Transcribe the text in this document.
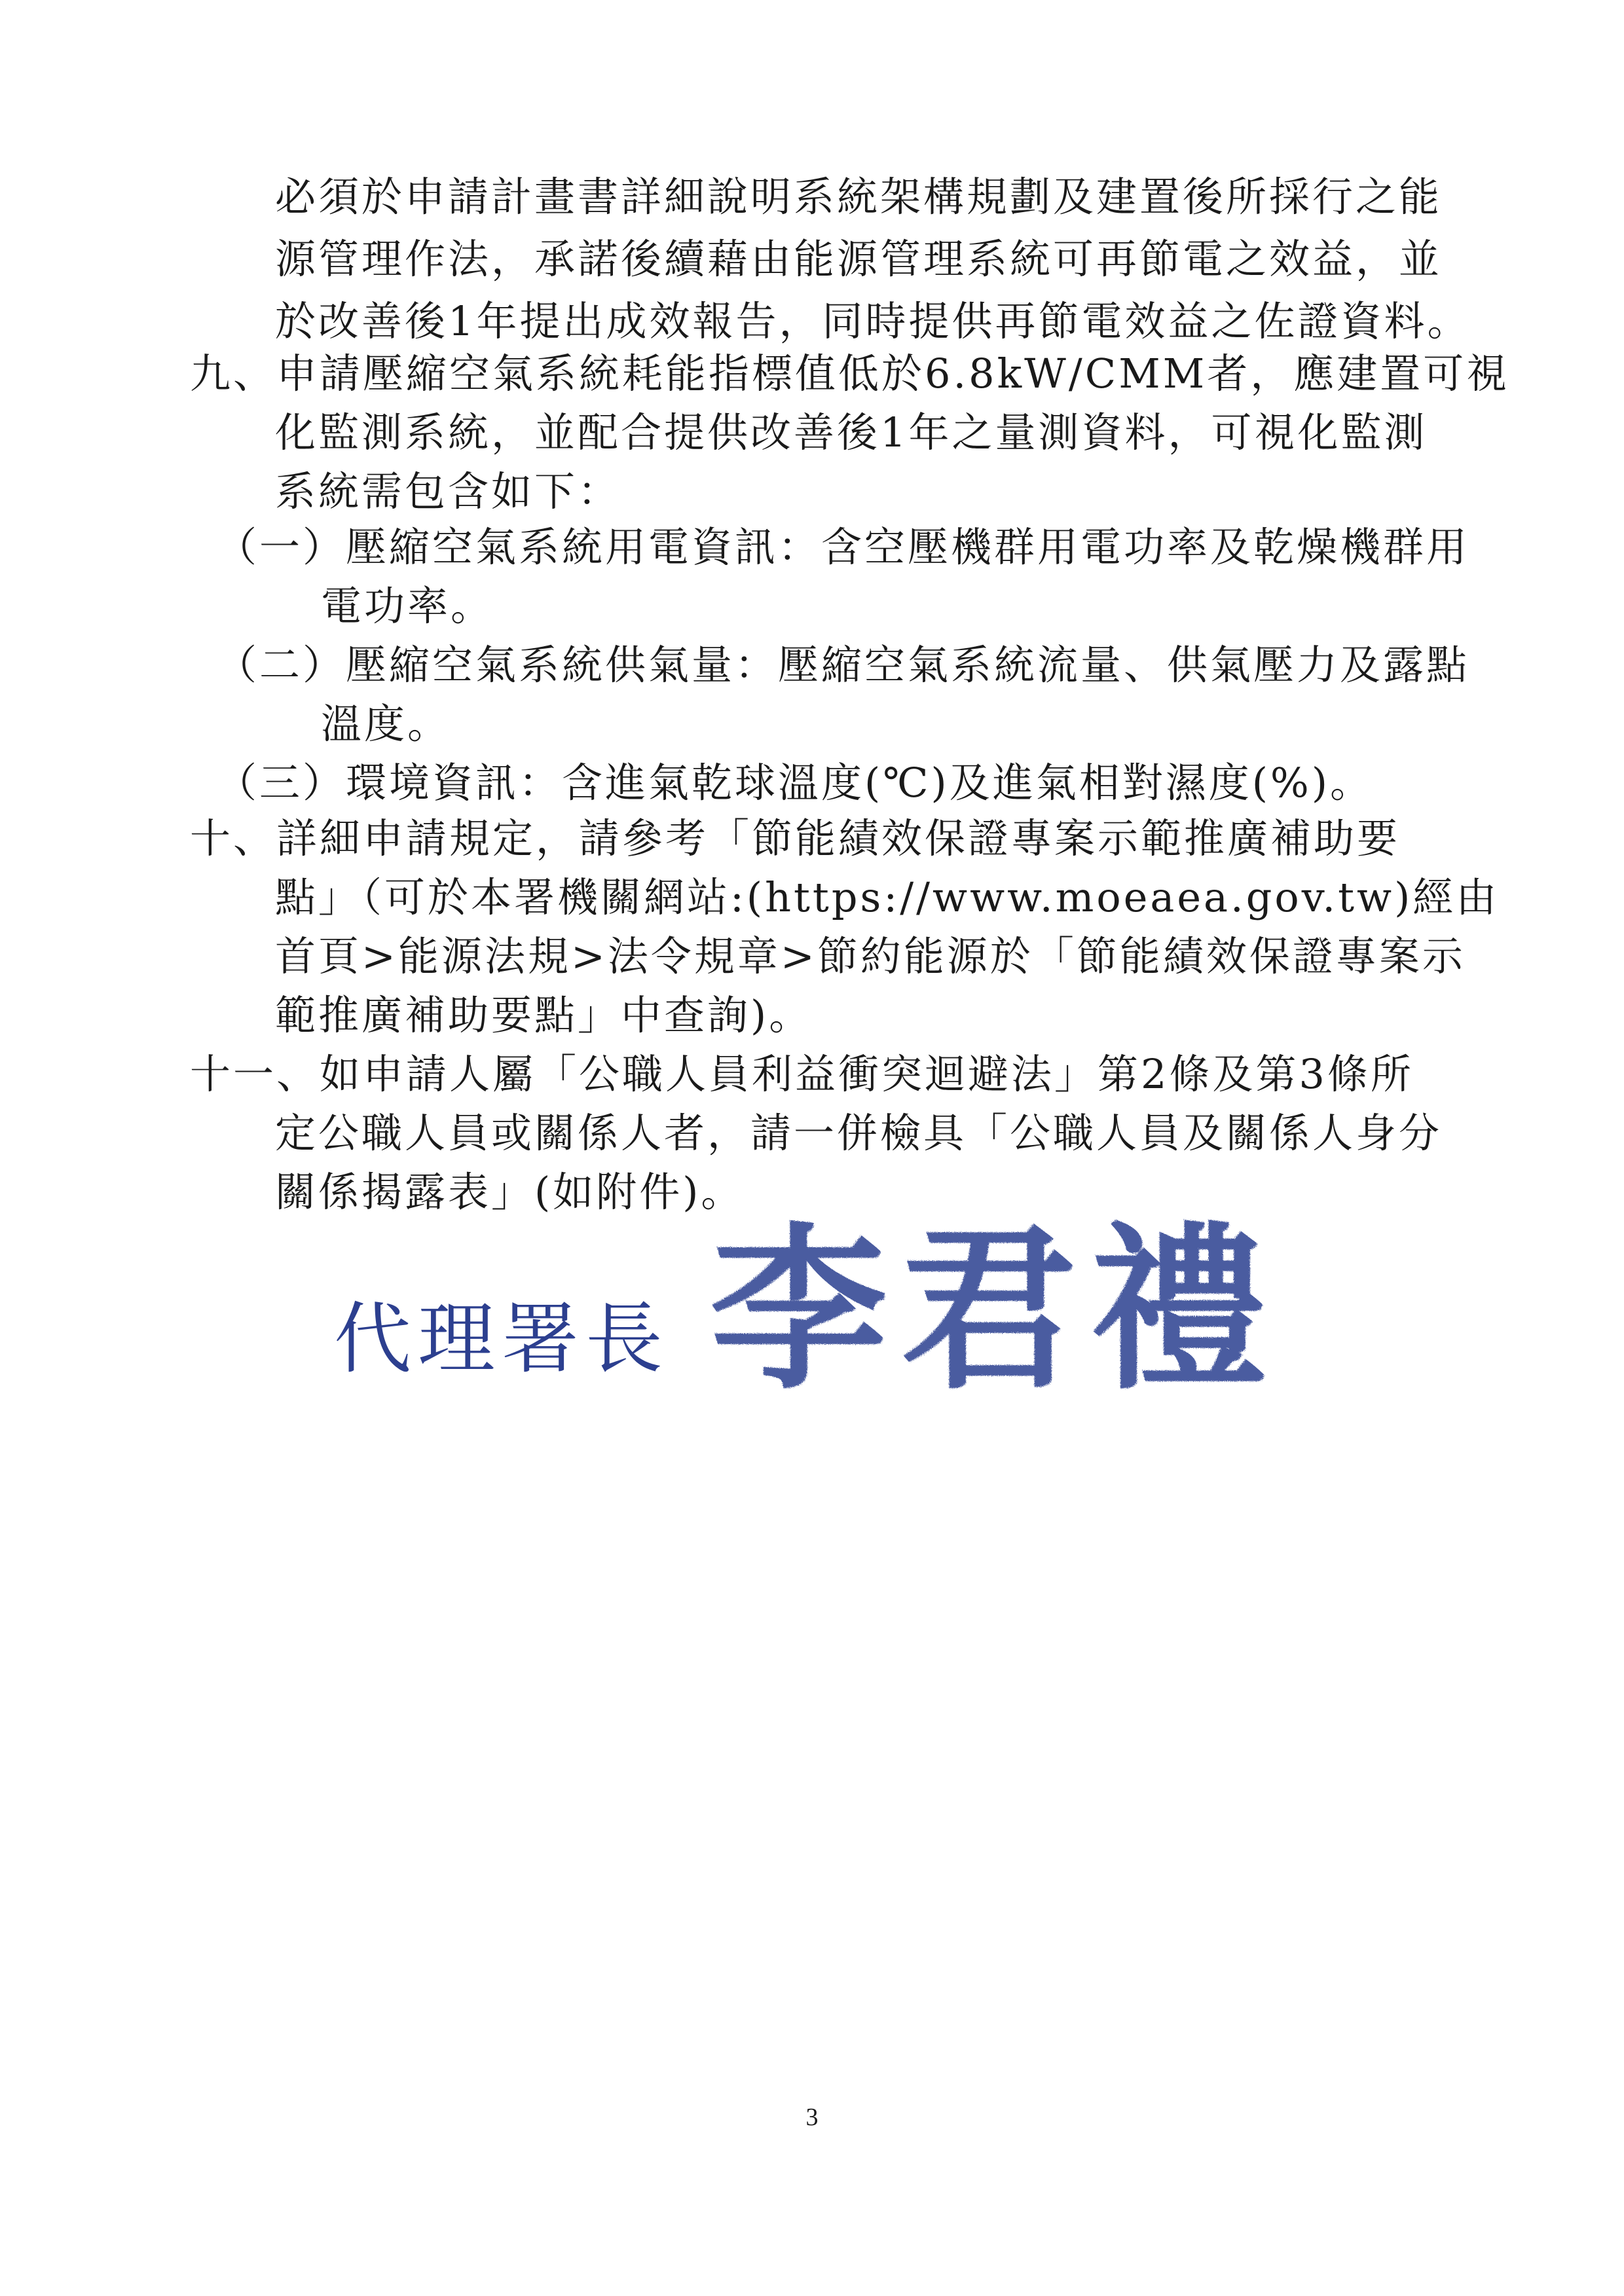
必須於申請計畫書詳細說明系統架構規劃及建置後所採行之能
源管理作法，承諾後續藉由能源管理系統可再節電之效益，並
於改善後1年提出成效報告，同時提供再節電效益之佐證資料。
九、申請壓縮空氣系統耗能指標值低於6.8kW/CMM者，應建置可視
化監測系統，並配合提供改善後1年之量測資料，可視化監測
系統需包含如下：
（一）壓縮空氣系統用電資訊：含空壓機群用電功率及乾燥機群用
電功率。
（二）壓縮空氣系統供氣量：壓縮空氣系統流量、供氣壓力及露點
溫度。
（三）環境資訊：含進氣乾球溫度(℃)及進氣相對濕度(%)。
十、詳細申請規定，請參考「節能績效保證專案示範推廣補助要
點」（可於本署機關網站:(https://www.moeaea.gov.tw)經由
首頁>能源法規>法令規章>節約能源於「節能績效保證專案示
範推廣補助要點」中查詢)。
十一、如申請人屬「公職人員利益衝突迴避法」第2條及第3條所
定公職人員或關係人者，請一併檢具「公職人員及關係人身分
關係揭露表」(如附件)。
代理署長 李君禮
3
